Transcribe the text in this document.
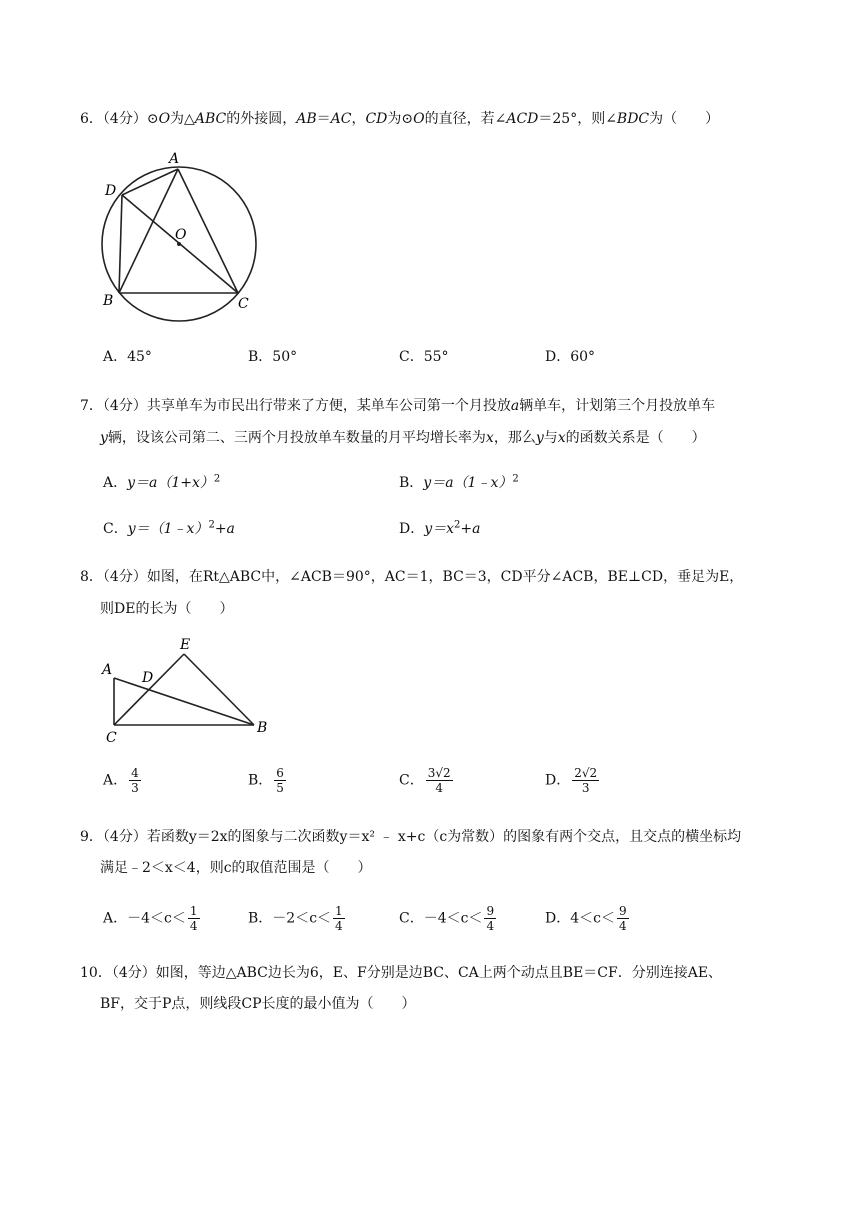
6．（4分）⊙O为△ABC的外接圆，AB＝AC，CD为⊙O的直径，若∠ACD＝25°，则∠BDC为（　　）
A
D
O
B	C
A．45°	B．50°	C．55°	D．60°
7．（4分）共享单车为市民出行带来了方便，某单车公司第一个月投放a辆单车，计划第三个月投放单车
y辆，设该公司第二、三两个月投放单车数量的月平均增长率为x，那么y与x的函数关系是（　　）
A．$y=a(1+x)^2$	B．y＝a（1﹣x）$^2$
C．y＝（1﹣x）$^2$+a	D．$y=x^2+a$
8．（4分）如图，在Rt△ABC中，∠ACB＝90°，AC＝1，BC＝3，CD平分∠ACB，BE⊥CD，垂足为E，
则DE的长为（　　）
A D
E
C
B
A． $\frac{4}{3}$	B． $\frac{6}{5}$	C． $\frac{3√2}{4}$	D． $\frac{2√2}{3}$
9．（4分）若函数y＝2x的图象与二次函数y＝x² ﹣ x+c（c为常数）的图象有两个交点，且交点的横坐标均
满足﹣2＜x＜4，则c的取值范围是（　　）
A．$-4<c< \frac{1}{4}$	B．$-2<c< \frac{1}{4}$	C．$-4<c< \frac{9}{4}$	D．$4<c< \frac{9}{4}$
10．（4分）如图，等边△ABC边长为6，E、F分别是边BC、CA上两个动点且BE＝CF．分别连接AE、
BF，交于P点，则线段CP长度的最小值为（　　）
